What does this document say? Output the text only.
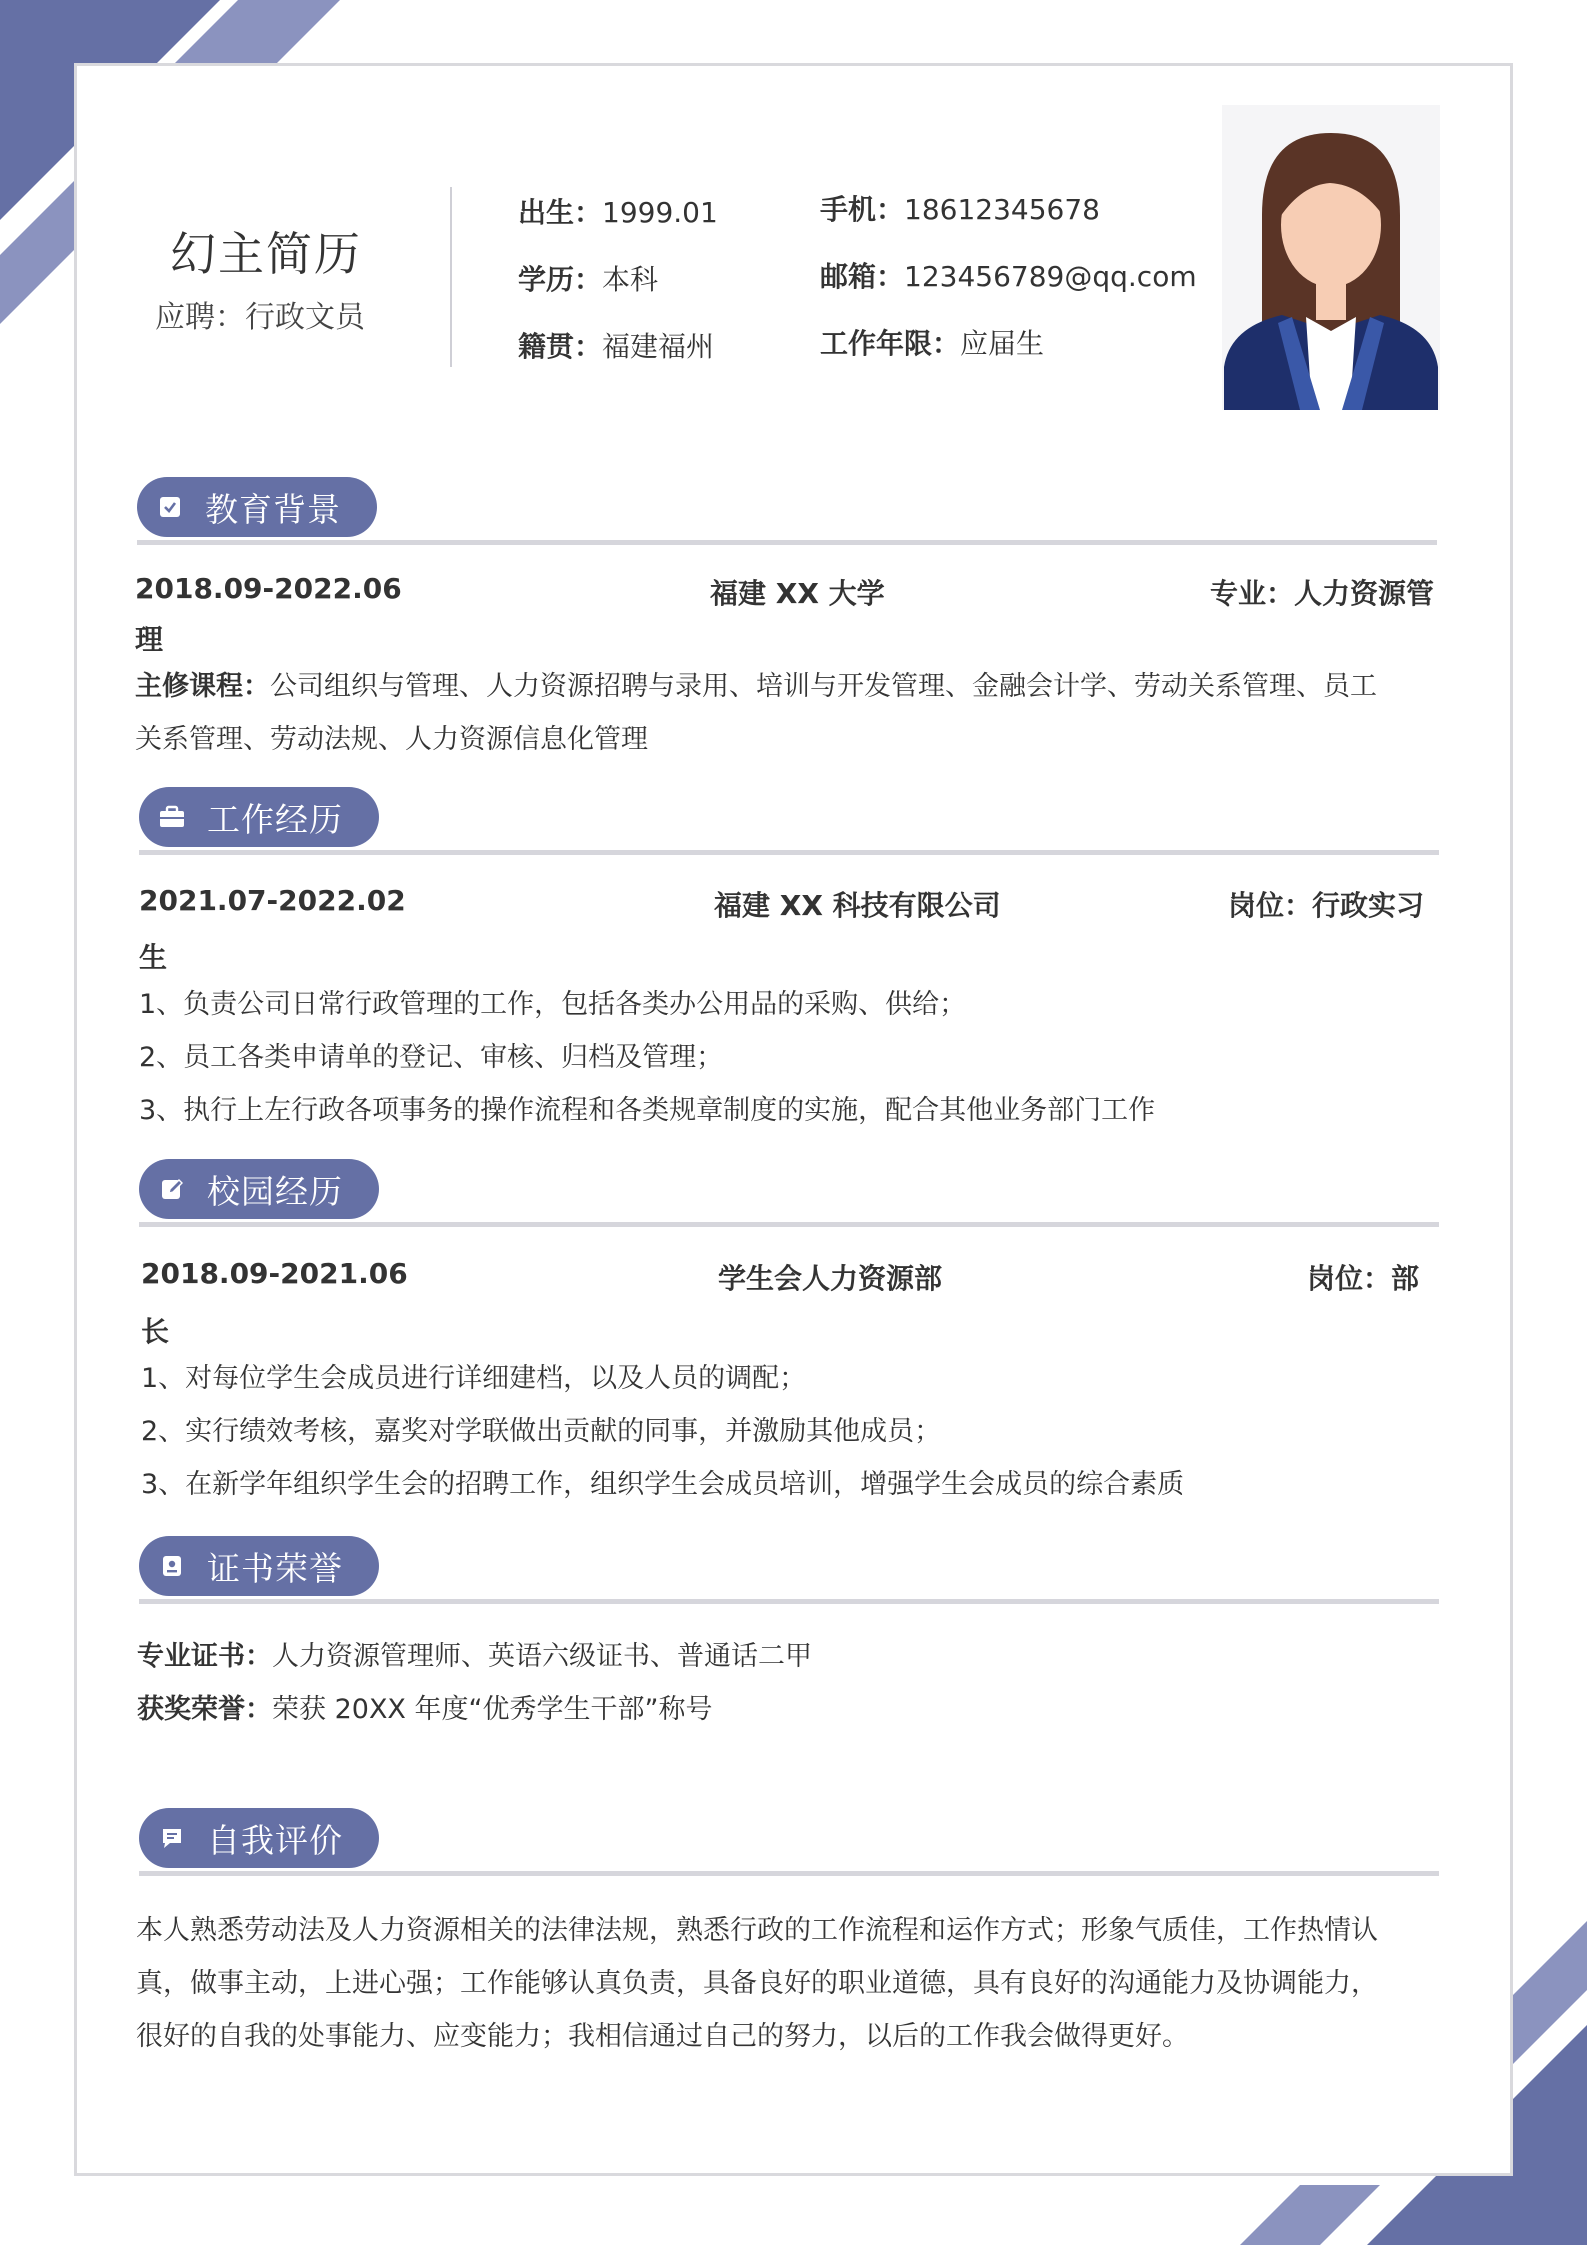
幻主简历
应聘：行政文员
出生：1999.01
学历：本科
籍贯：福建福州
手机：18612345678
邮箱：123456789@qq.com
工作年限：应届生
教育背景
2018.09-2022.06	福建 XX 大学	专业：人力资源管
理

主修课程：公司组织与管理、人力资源招聘与录用、培训与开发管理、金融会计学、劳动关系管理、员工

关系管理、劳动法规、人力资源信息化管理

工作经历
2021.07-2022.02	福建 XX 科技有限公司	岗位：行政实习
生

1、负责公司日常行政管理的工作，包括各类办公用品的采购、供给；

2、员工各类申请单的登记、审核、归档及管理；

3、执行上左行政各项事务的操作流程和各类规章制度的实施，配合其他业务部门工作

校园经历
2018.09-2021.06	学生会人力资源部	岗位：部
长

1、对每位学生会成员进行详细建档，以及人员的调配；

2、实行绩效考核，嘉奖对学联做出贡献的同事，并激励其他成员；

3、在新学年组织学生会的招聘工作，组织学生会成员培训，增强学生会成员的综合素质

证书荣誉

专业证书：人力资源管理师、英语六级证书、普通话二甲

获奖荣誉：荣获 20XX 年度“优秀学生干部”称号

自我评价

本人熟悉劳动法及人力资源相关的法律法规，熟悉行政的工作流程和运作方式；形象气质佳，工作热情认

真，做事主动，上进心强；工作能够认真负责，具备良好的职业道德，具有良好的沟通能力及协调能力，

很好的自我的处事能力、应变能力；我相信通过自己的努力，以后的工作我会做得更好。
